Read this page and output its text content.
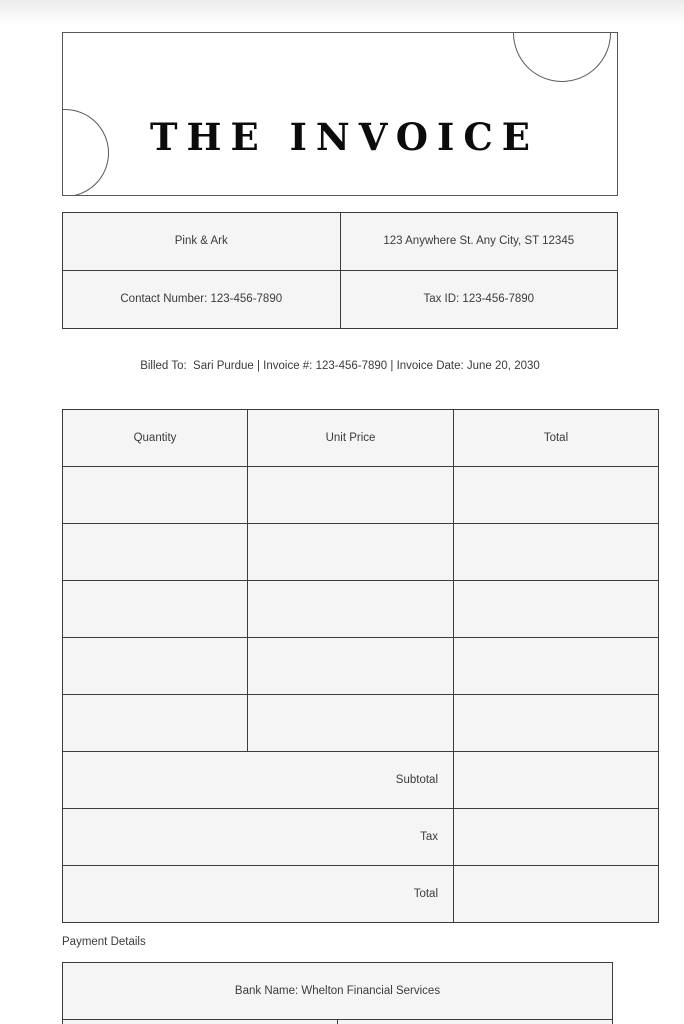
THE INVOICE
Pink & Ark	123 Anywhere St. Any City, ST 12345
Contact Number: 123-456-7890	Tax ID: 123-456-7890
Billed To:  Sari Purdue | Invoice #: 123-456-7890 | Invoice Date: June 20, 2030
Quantity	Unit Price	Total

Subtotal		
Tax		
Total		
Payment Details
Bank Name: Whelton Financial Services
